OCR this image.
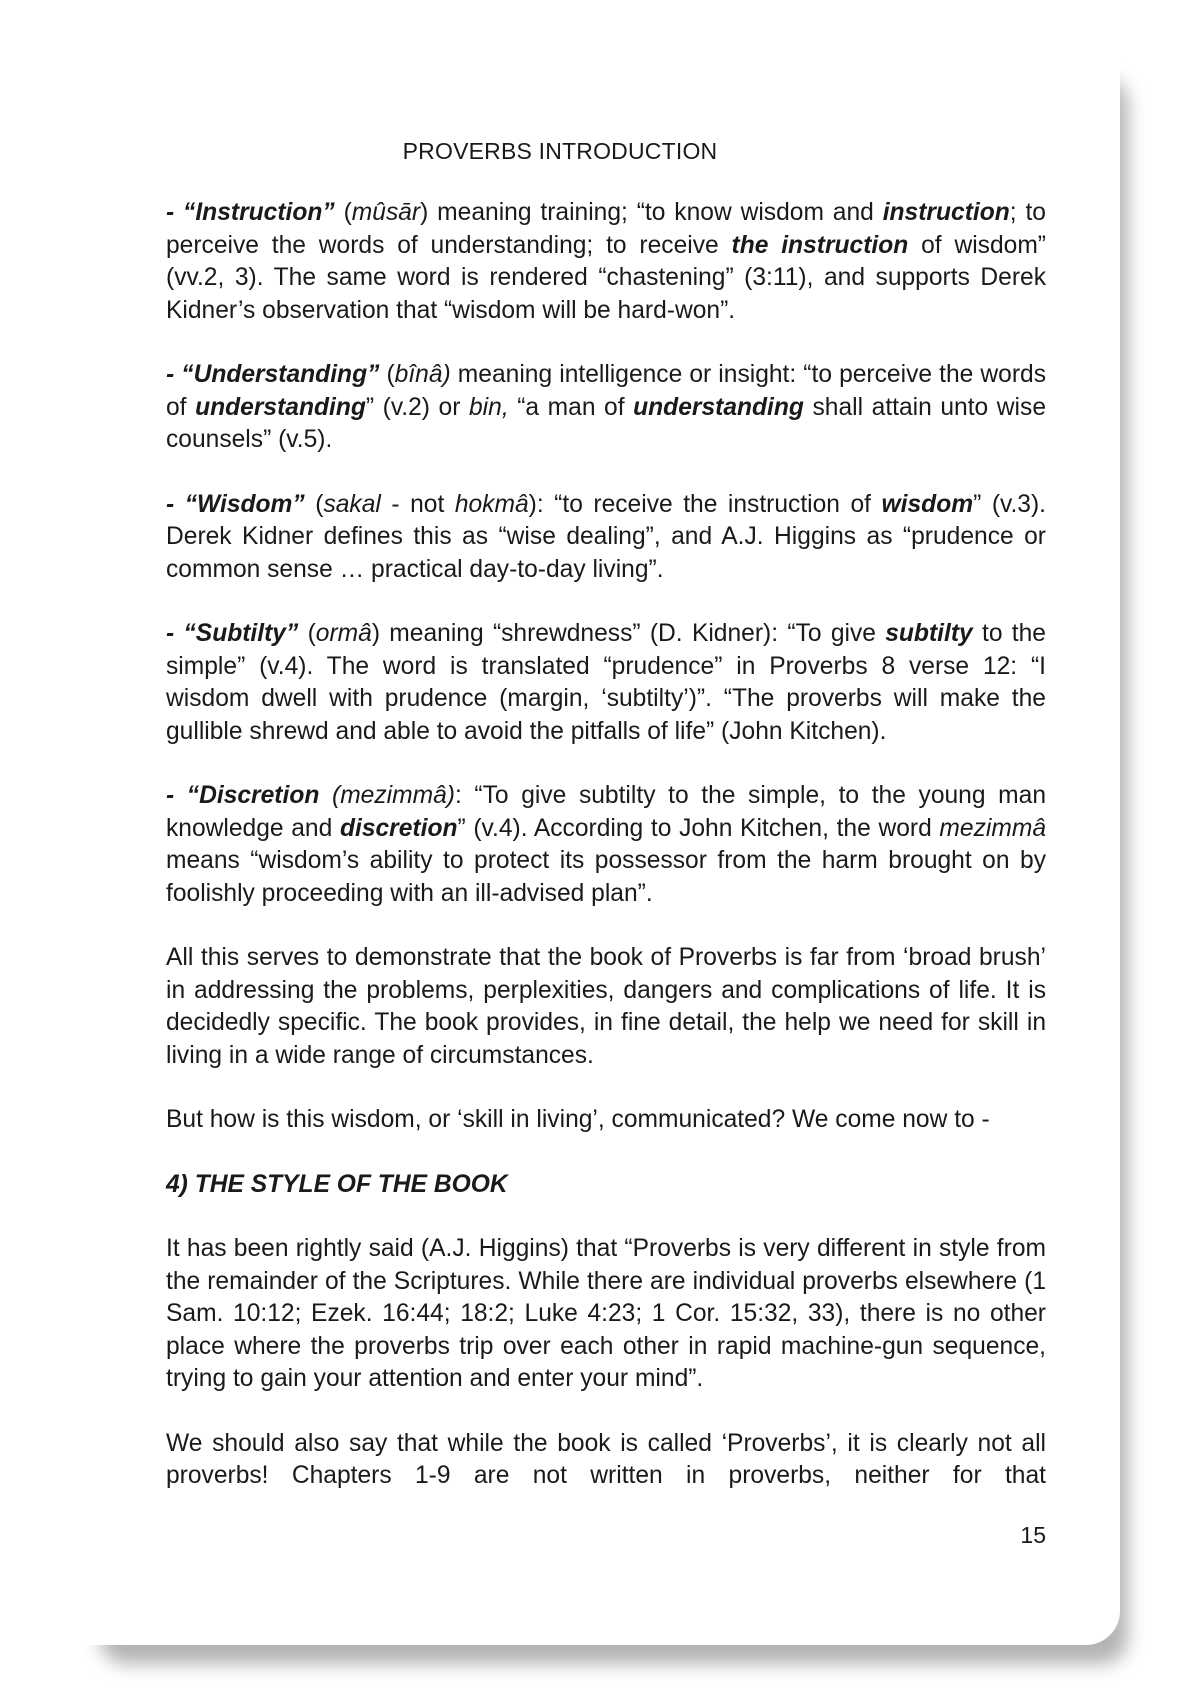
PROVERBS INTRODUCTION

- “Instruction” (mûsār) meaning training; “to know wisdom and instruction; to perceive the words of understanding; to receive the instruction of wisdom” (vv.2, 3). The same word is rendered “chastening” (3:11), and supports Derek Kidner’s observation that “wisdom will be hard-won”.

- “Understanding” (bînâ) meaning intelligence or insight: “to perceive the words of understanding” (v.2) or bin, “a man of understanding shall attain unto wise counsels” (v.5).

- “Wisdom” (sakal - not hokmâ): “to receive the instruction of wisdom” (v.3). Derek Kidner defines this as “wise dealing”, and A.J. Higgins as “prudence or common sense … practical day-to-day living”.

- “Subtilty” (ormâ) meaning “shrewdness” (D. Kidner): “To give subtilty to the simple” (v.4). The word is translated “prudence” in Proverbs 8 verse 12: “I wisdom dwell with prudence (margin, ‘subtilty’)”. “The proverbs will make the gullible shrewd and able to avoid the pitfalls of life” (John Kitchen).

- “Discretion (mezimmâ): “To give subtilty to the simple, to the young man knowledge and discretion” (v.4). According to John Kitchen, the word mezimmâ means “wisdom’s ability to protect its possessor from the harm brought on by foolishly proceeding with an ill-advised plan”.

All this serves to demonstrate that the book of Proverbs is far from ‘broad brush’ in addressing the problems, perplexities, dangers and complications of life. It is decidedly specific. The book provides, in fine detail, the help we need for skill in living in a wide range of circumstances.

But how is this wisdom, or ‘skill in living’, communicated? We come now to -

4) THE STYLE OF THE BOOK

It has been rightly said (A.J. Higgins) that “Proverbs is very different in style from the remainder of the Scriptures. While there are individual proverbs elsewhere (1 Sam. 10:12; Ezek. 16:44; 18:2; Luke 4:23; 1 Cor. 15:32, 33), there is no other place where the proverbs trip over each other in rapid machine-gun sequence, trying to gain your attention and enter your mind”.

We should also say that while the book is called ‘Proverbs’, it is clearly not all proverbs! Chapters 1-9 are not written in proverbs, neither for that

15
